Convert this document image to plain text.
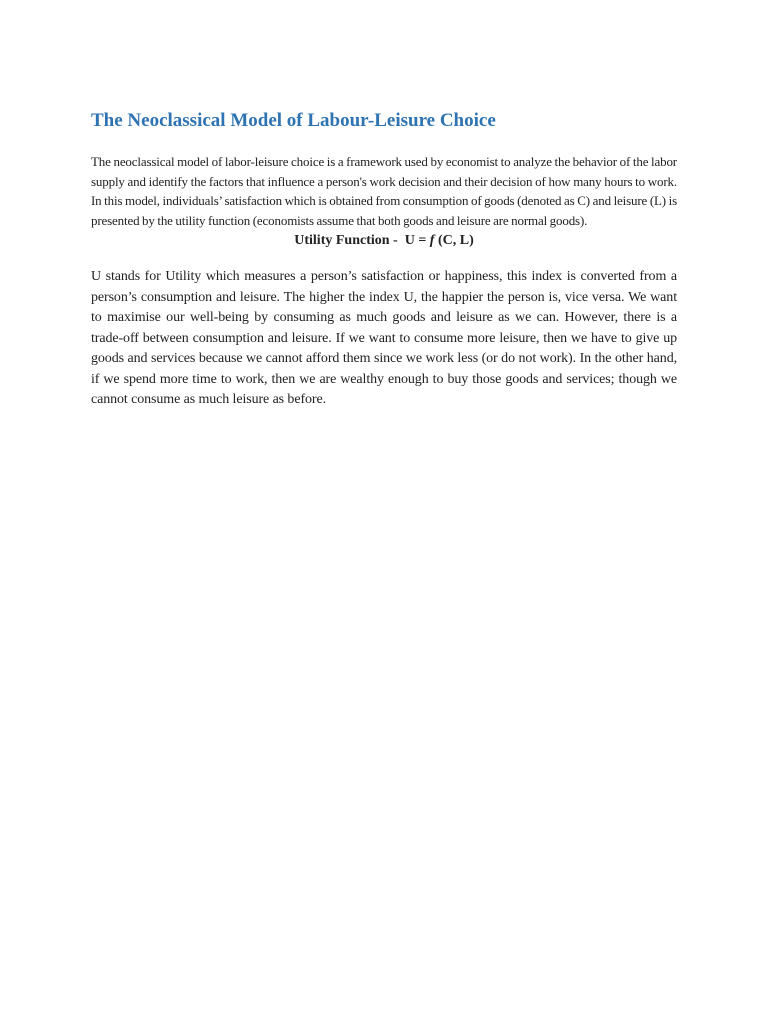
The Neoclassical Model of Labour-Leisure Choice

The neoclassical model of labor-leisure choice is a framework used by economist to analyze the behavior of the labor supply and identify the factors that influence a person's work decision and their decision of how many hours to work. In this model, individuals’ satisfaction which is obtained from consumption of goods (denoted as C) and leisure (L) is presented by the utility function (economists assume that both goods and leisure are normal goods).

Utility Function -  U = f (C, L)

U stands for Utility which measures a person’s satisfaction or happiness, this index is converted from a person’s consumption and leisure. The higher the index U, the happier the person is, vice versa. We want to maximise our well-being by consuming as much goods and leisure as we can. However, there is a trade-off between consumption and leisure. If we want to consume more leisure, then we have to give up goods and services because we cannot afford them since we work less (or do not work). In the other hand, if we spend more time to work, then we are wealthy enough to buy those goods and services; though we cannot consume as much leisure as before.
